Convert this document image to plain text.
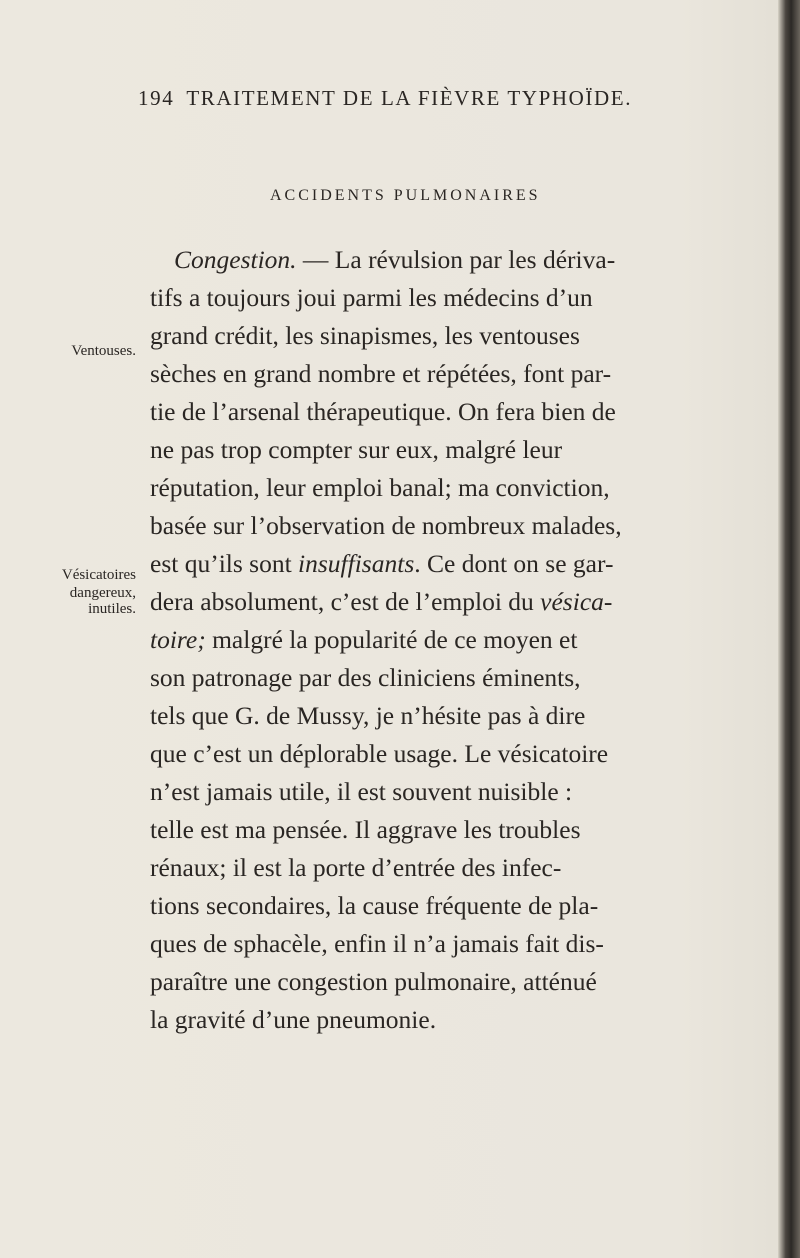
194 TRAITEMENT DE LA FIÈVRE TYPHOÏDE.
ACCIDENTS PULMONAIRES
Ventouses.
Vésicatoires
dangereux,
inutiles.
Congestion. — La révulsion par les dériva-
tifs a toujours joui parmi les médecins d’un
grand crédit, les sinapismes, les ventouses
sèches en grand nombre et répétées, font par-
tie de l’arsenal thérapeutique. On fera bien de
ne pas trop compter sur eux, malgré leur
réputation, leur emploi banal; ma conviction,
basée sur l’observation de nombreux malades,
est qu’ils sont insuffisants. Ce dont on se gar-
dera absolument, c’est de l’emploi du vésica-
toire; malgré la popularité de ce moyen et
son patronage par des cliniciens éminents,
tels que G. de Mussy, je n’hésite pas à dire
que c’est un déplorable usage. Le vésicatoire
n’est jamais utile, il est souvent nuisible :
telle est ma pensée. Il aggrave les troubles
rénaux; il est la porte d’entrée des infec-
tions secondaires, la cause fréquente de pla-
ques de sphacèle, enfin il n’a jamais fait dis-
paraître une congestion pulmonaire, atténué
la gravité d’une pneumonie.
